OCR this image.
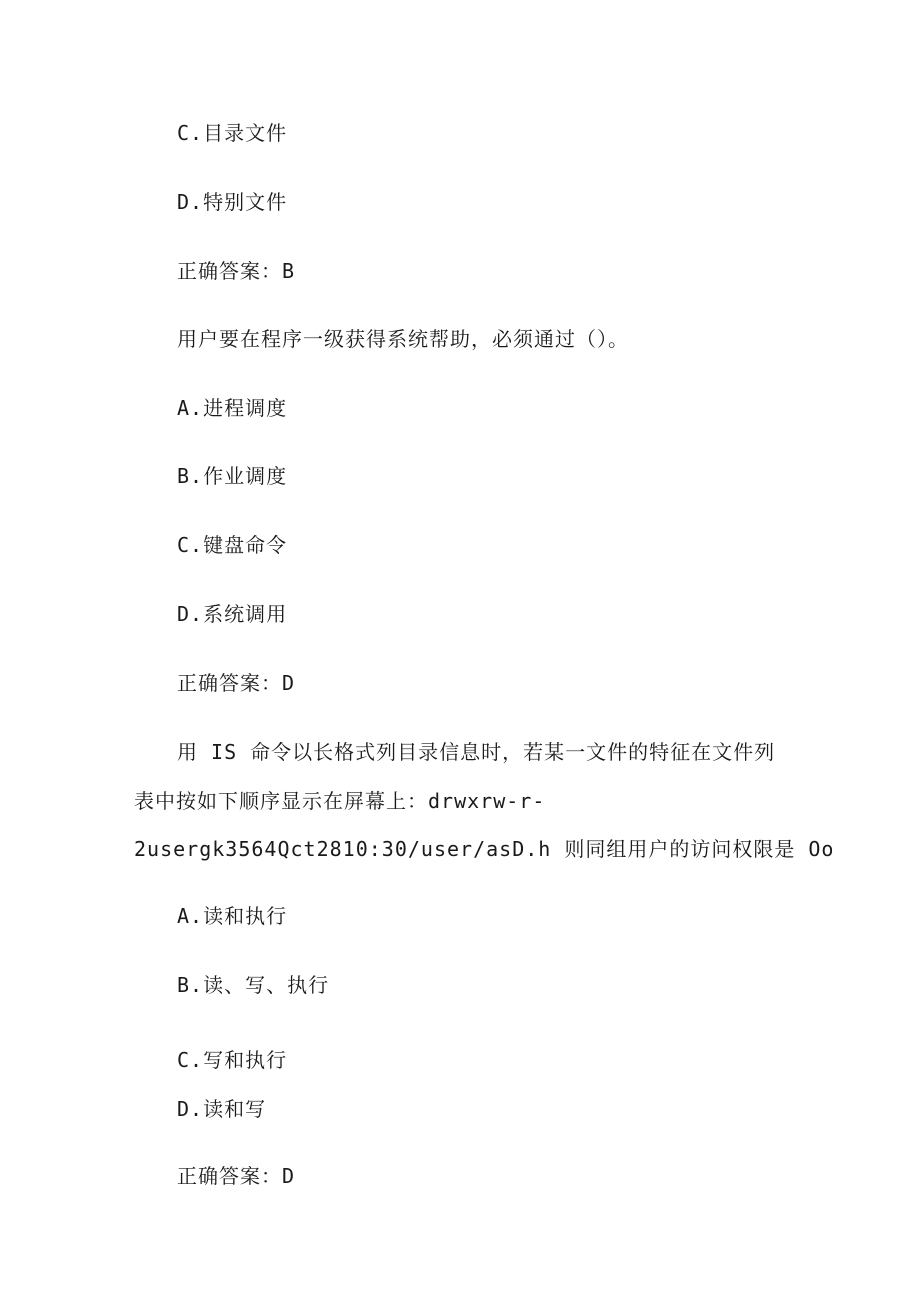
C.目录文件
D.特别文件
正确答案：B
用户要在程序一级获得系统帮助，必须通过（）。
A.进程调度
B.作业调度
C.键盘命令
D.系统调用
正确答案：D
用 IS 命令以长格式列目录信息时，若某一文件的特征在文件列
表中按如下顺序显示在屏幕上：drwxrw-r-
2usergk3564Qct2810:30/user/asD.h 则同组用户的访问权限是 Oo
A.读和执行
B.读、写、执行
C.写和执行
D.读和写
正确答案：D
